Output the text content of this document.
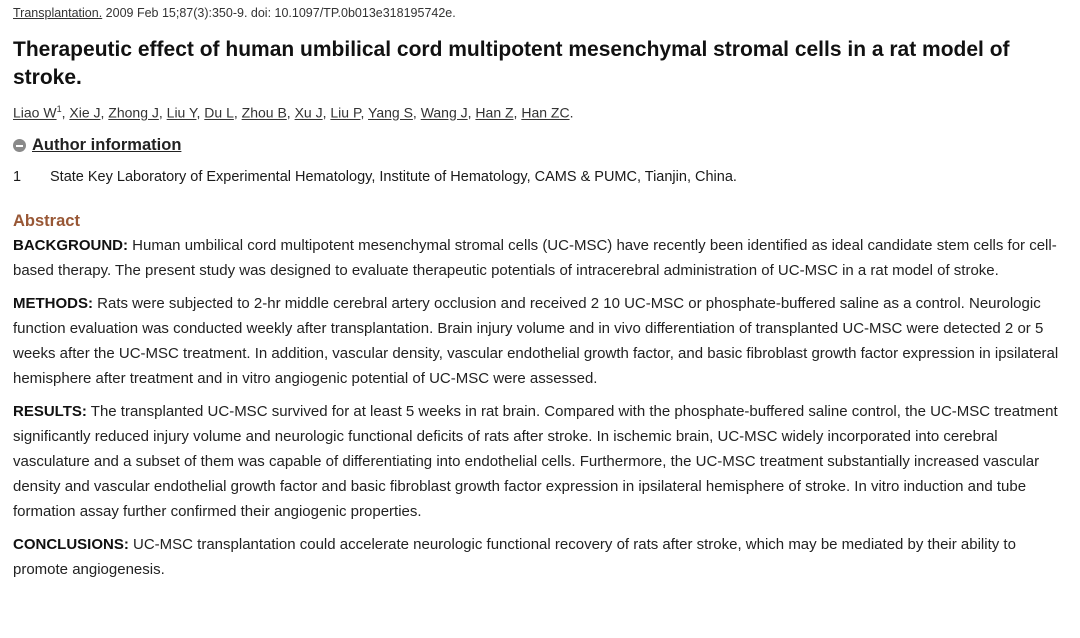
Transplantation. 2009 Feb 15;87(3):350-9. doi: 10.1097/TP.0b013e318195742e.
Therapeutic effect of human umbilical cord multipotent mesenchymal stromal cells in a rat model of stroke.
Liao $W^1$, Xie J, Zhong J, Liu Y, Du L, Zhou B, Xu J, Liu P, Yang S, Wang J, Han Z, Han ZC.
Author information
1	State Key Laboratory of Experimental Hematology, Institute of Hematology, CAMS & PUMC, Tianjin, China.
Abstract

BACKGROUND: Human umbilical cord multipotent mesenchymal stromal cells (UC-MSC) have recently been identified as ideal candidate stem cells for cell-based therapy. The present study was designed to evaluate therapeutic potentials of intracerebral administration of UC-MSC in a rat model of stroke.

METHODS: Rats were subjected to 2-hr middle cerebral artery occlusion and received 2 10 UC-MSC or phosphate-buffered saline as a control. Neurologic function evaluation was conducted weekly after transplantation. Brain injury volume and in vivo differentiation of transplanted UC-MSC were detected 2 or 5 weeks after the UC-MSC treatment. In addition, vascular density, vascular endothelial growth factor, and basic fibroblast growth factor expression in ipsilateral hemisphere after treatment and in vitro angiogenic potential of UC-MSC were assessed.

RESULTS: The transplanted UC-MSC survived for at least 5 weeks in rat brain. Compared with the phosphate-buffered saline control, the UC-MSC treatment significantly reduced injury volume and neurologic functional deficits of rats after stroke. In ischemic brain, UC-MSC widely incorporated into cerebral vasculature and a subset of them was capable of differentiating into endothelial cells. Furthermore, the UC-MSC treatment substantially increased vascular density and vascular endothelial growth factor and basic fibroblast growth factor expression in ipsilateral hemisphere of stroke. In vitro induction and tube formation assay further confirmed their angiogenic properties.

CONCLUSIONS: UC-MSC transplantation could accelerate neurologic functional recovery of rats after stroke, which may be mediated by their ability to promote angiogenesis.
